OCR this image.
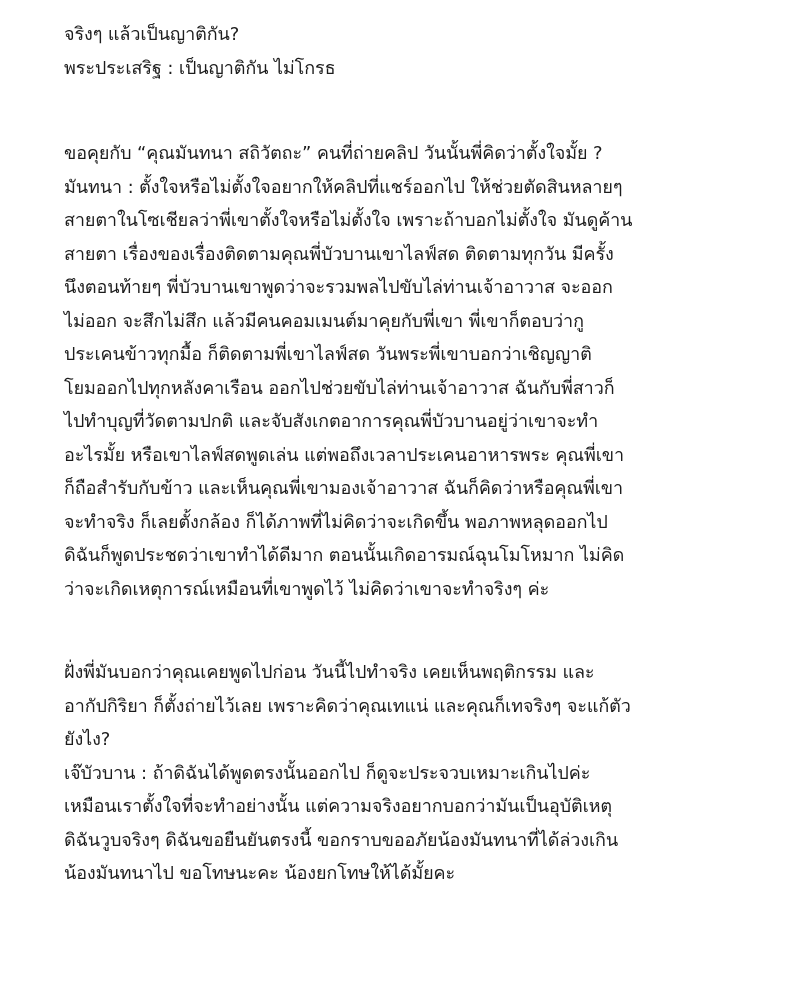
จริงๆ แล้วเป็นญาติกัน?
พระประเสริฐ : เป็นญาติกัน ไม่โกรธ
ขอคุยกับ “คุณมันทนา สถิวัตถะ” คนที่ถ่ายคลิป วันนั้นพี่คิดว่าตั้งใจมั้ย ?
มันทนา : ตั้งใจหรือไม่ตั้งใจอยากให้คลิปที่แชร์ออกไป ให้ช่วยตัดสินหลายๆ
สายตาในโซเชียลว่าพี่เขาตั้งใจหรือไม่ตั้งใจ เพราะถ้าบอกไม่ตั้งใจ มันดูค้าน
สายตา เรื่องของเรื่องติดตามคุณพี่บัวบานเขาไลฟ์สด ติดตามทุกวัน มีครั้ง
นึงตอนท้ายๆ พี่บัวบานเขาพูดว่าจะรวมพลไปขับไล่ท่านเจ้าอาวาส จะออก
ไม่ออก จะสึกไม่สึก แล้วมีคนคอมเมนต์มาคุยกับพี่เขา พี่เขาก็ตอบว่ากู
ประเคนข้าวทุกมื้อ ก็ติดตามพี่เขาไลฟ์สด วันพระพี่เขาบอกว่าเชิญญาติ
โยมออกไปทุกหลังคาเรือน ออกไปช่วยขับไล่ท่านเจ้าอาวาส ฉันกับพี่สาวก็
ไปทำบุญที่วัดตามปกติ และจับสังเกตอาการคุณพี่บัวบานอยู่ว่าเขาจะทำ
อะไรมั้ย หรือเขาไลฟ์สดพูดเล่น แต่พอถึงเวลาประเคนอาหารพระ คุณพี่เขา
ก็ถือสำรับกับข้าว และเห็นคุณพี่เขามองเจ้าอาวาส ฉันก็คิดว่าหรือคุณพี่เขา
จะทำจริง ก็เลยตั้งกล้อง ก็ได้ภาพที่ไม่คิดว่าจะเกิดขึ้น พอภาพหลุดออกไป
ดิฉันก็พูดประชดว่าเขาทำได้ดีมาก ตอนนั้นเกิดอารมณ์ฉุนโมโหมาก ไม่คิด
ว่าจะเกิดเหตุการณ์เหมือนที่เขาพูดไว้ ไม่คิดว่าเขาจะทำจริงๆ ค่ะ
ฝั่งพี่มันบอกว่าคุณเคยพูดไปก่อน วันนี้ไปทำจริง เคยเห็นพฤติกรรม และ
อากัปกิริยา ก็ตั้งถ่ายไว้เลย เพราะคิดว่าคุณเทแน่ และคุณก็เทจริงๆ จะแก้ตัว
ยังไง?
เจ๊บัวบาน : ถ้าดิฉันได้พูดตรงนั้นออกไป ก็ดูจะประจวบเหมาะเกินไปค่ะ
เหมือนเราตั้งใจที่จะทำอย่างนั้น แต่ความจริงอยากบอกว่ามันเป็นอุบัติเหตุ
ดิฉันวูบจริงๆ ดิฉันขอยืนยันตรงนี้ ขอกราบขออภัยน้องมันทนาที่ได้ล่วงเกิน
น้องมันทนาไป ขอโทษนะคะ น้องยกโทษให้ได้มั้ยคะ
